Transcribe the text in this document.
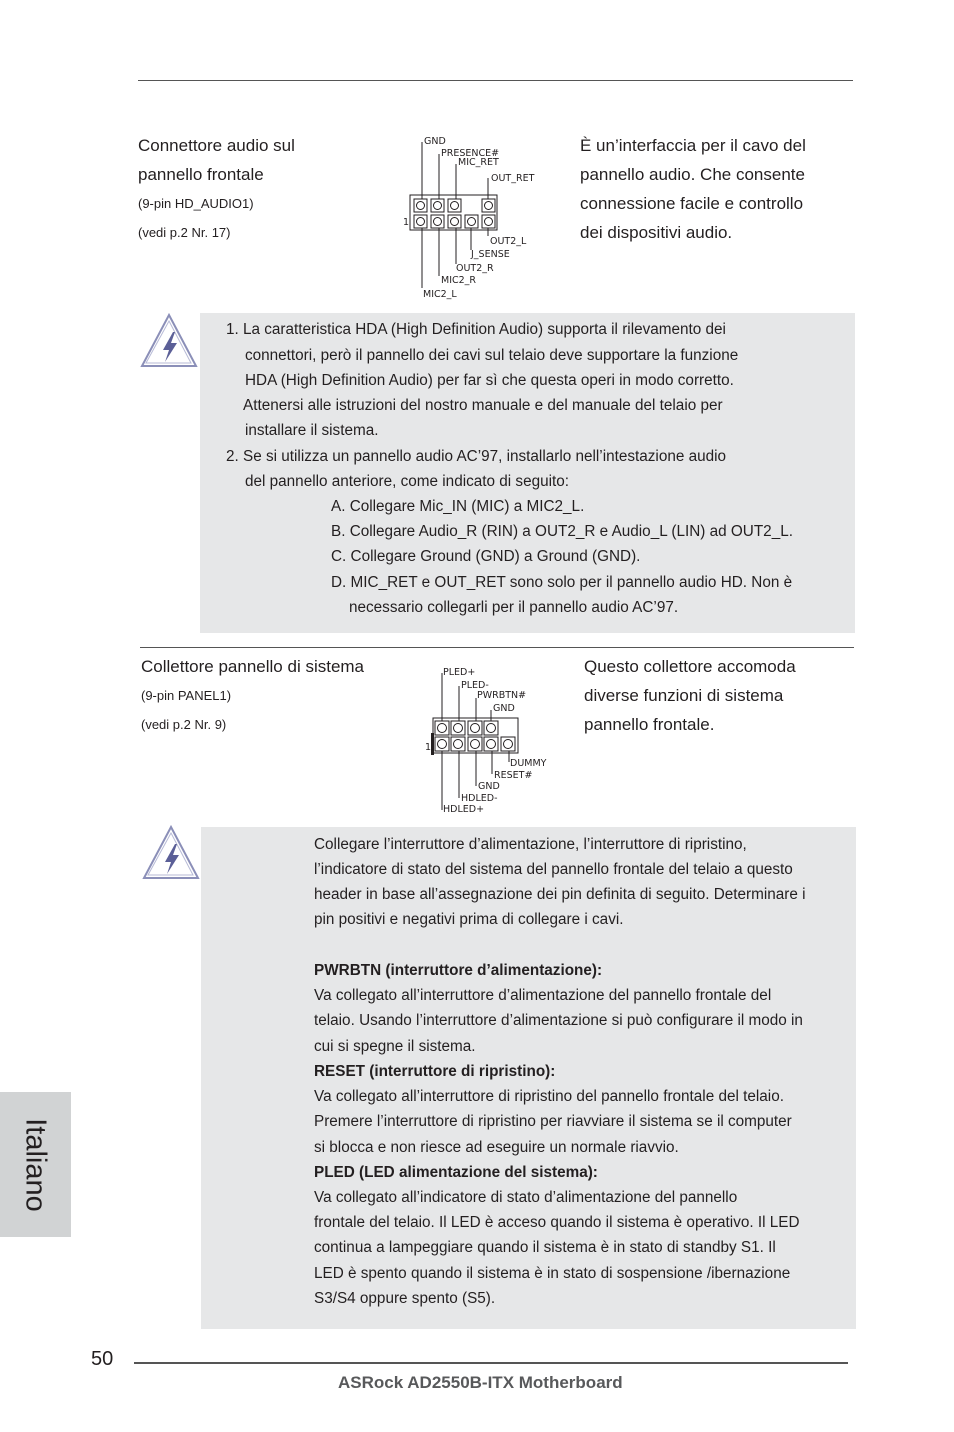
Connettore audio sul
pannello frontale
(9-pin HD_AUDIO1)
(vedi p.2 Nr. 17)
1
GND
PRESENCE#
MIC_RET
OUT_RET
OUT2_L
J_SENSE
OUT2_R
MIC2_R
MIC2_L
È un’interfaccia per il cavo del
pannello audio. Che consente
connessione facile e controllo
dei dispositivi audio.
1. La caratteristica HDA (High Definition Audio) supporta il rilevamento dei
connettori, però il pannello dei cavi sul telaio deve supportare la funzione
HDA (High Definition Audio) per far sì che questa operi in modo corretto.
Attenersi alle istruzioni del nostro manuale e del manuale del telaio per
installare il sistema.
2. Se si utilizza un pannello audio AC’97, installarlo nell’intestazione audio
del pannello anteriore, come indicato di seguito:
A. Collegare Mic_IN (MIC) a MIC2_L.
B. Collegare Audio_R (RIN) a OUT2_R e Audio_L (LIN) ad OUT2_L.
C. Collegare Ground (GND) a Ground (GND).
D. MIC_RET e OUT_RET sono solo per il pannello audio HD. Non è
necessario collegarli per il pannello audio AC’97.
Collettore pannello di sistema
(9-pin PANEL1)
(vedi p.2 Nr. 9)
1
PLED+
PLED-
PWRBTN#
GND
DUMMY
RESET#
GND
HDLED-
HDLED+
Questo collettore accomoda
diverse funzioni di sistema
pannello frontale.
Collegare l’interruttore d’alimentazione, l’interruttore di ripristino,
l’indicatore di stato del sistema del pannello frontale del telaio a questo
header in base all’assegnazione dei pin definita di seguito. Determinare i
pin positivi e negativi prima di collegare i cavi.
PWRBTN (interruttore d’alimentazione):
Va collegato all’interruttore d’alimentazione del pannello frontale del
telaio. Usando l’interruttore d’alimentazione si può configurare il modo in
cui si spegne il sistema.
RESET (interruttore di ripristino):
Va collegato all’interruttore di ripristino del pannello frontale del telaio.
Premere l’interruttore di ripristino per riavviare il sistema se il computer
si blocca e non riesce ad eseguire un normale riavvio.
PLED (LED alimentazione del sistema):
Va collegato all’indicatore di stato d’alimentazione del pannello
frontale del telaio. Il LED è acceso quando il sistema è operativo. Il LED
continua a lampeggiare quando il sistema è in stato di standby S1. Il
LED è spento quando il sistema è in stato di sospensione /ibernazione
S3/S4 oppure spento (S5).
Italiano
50
ASRock AD2550B-ITX Motherboard
